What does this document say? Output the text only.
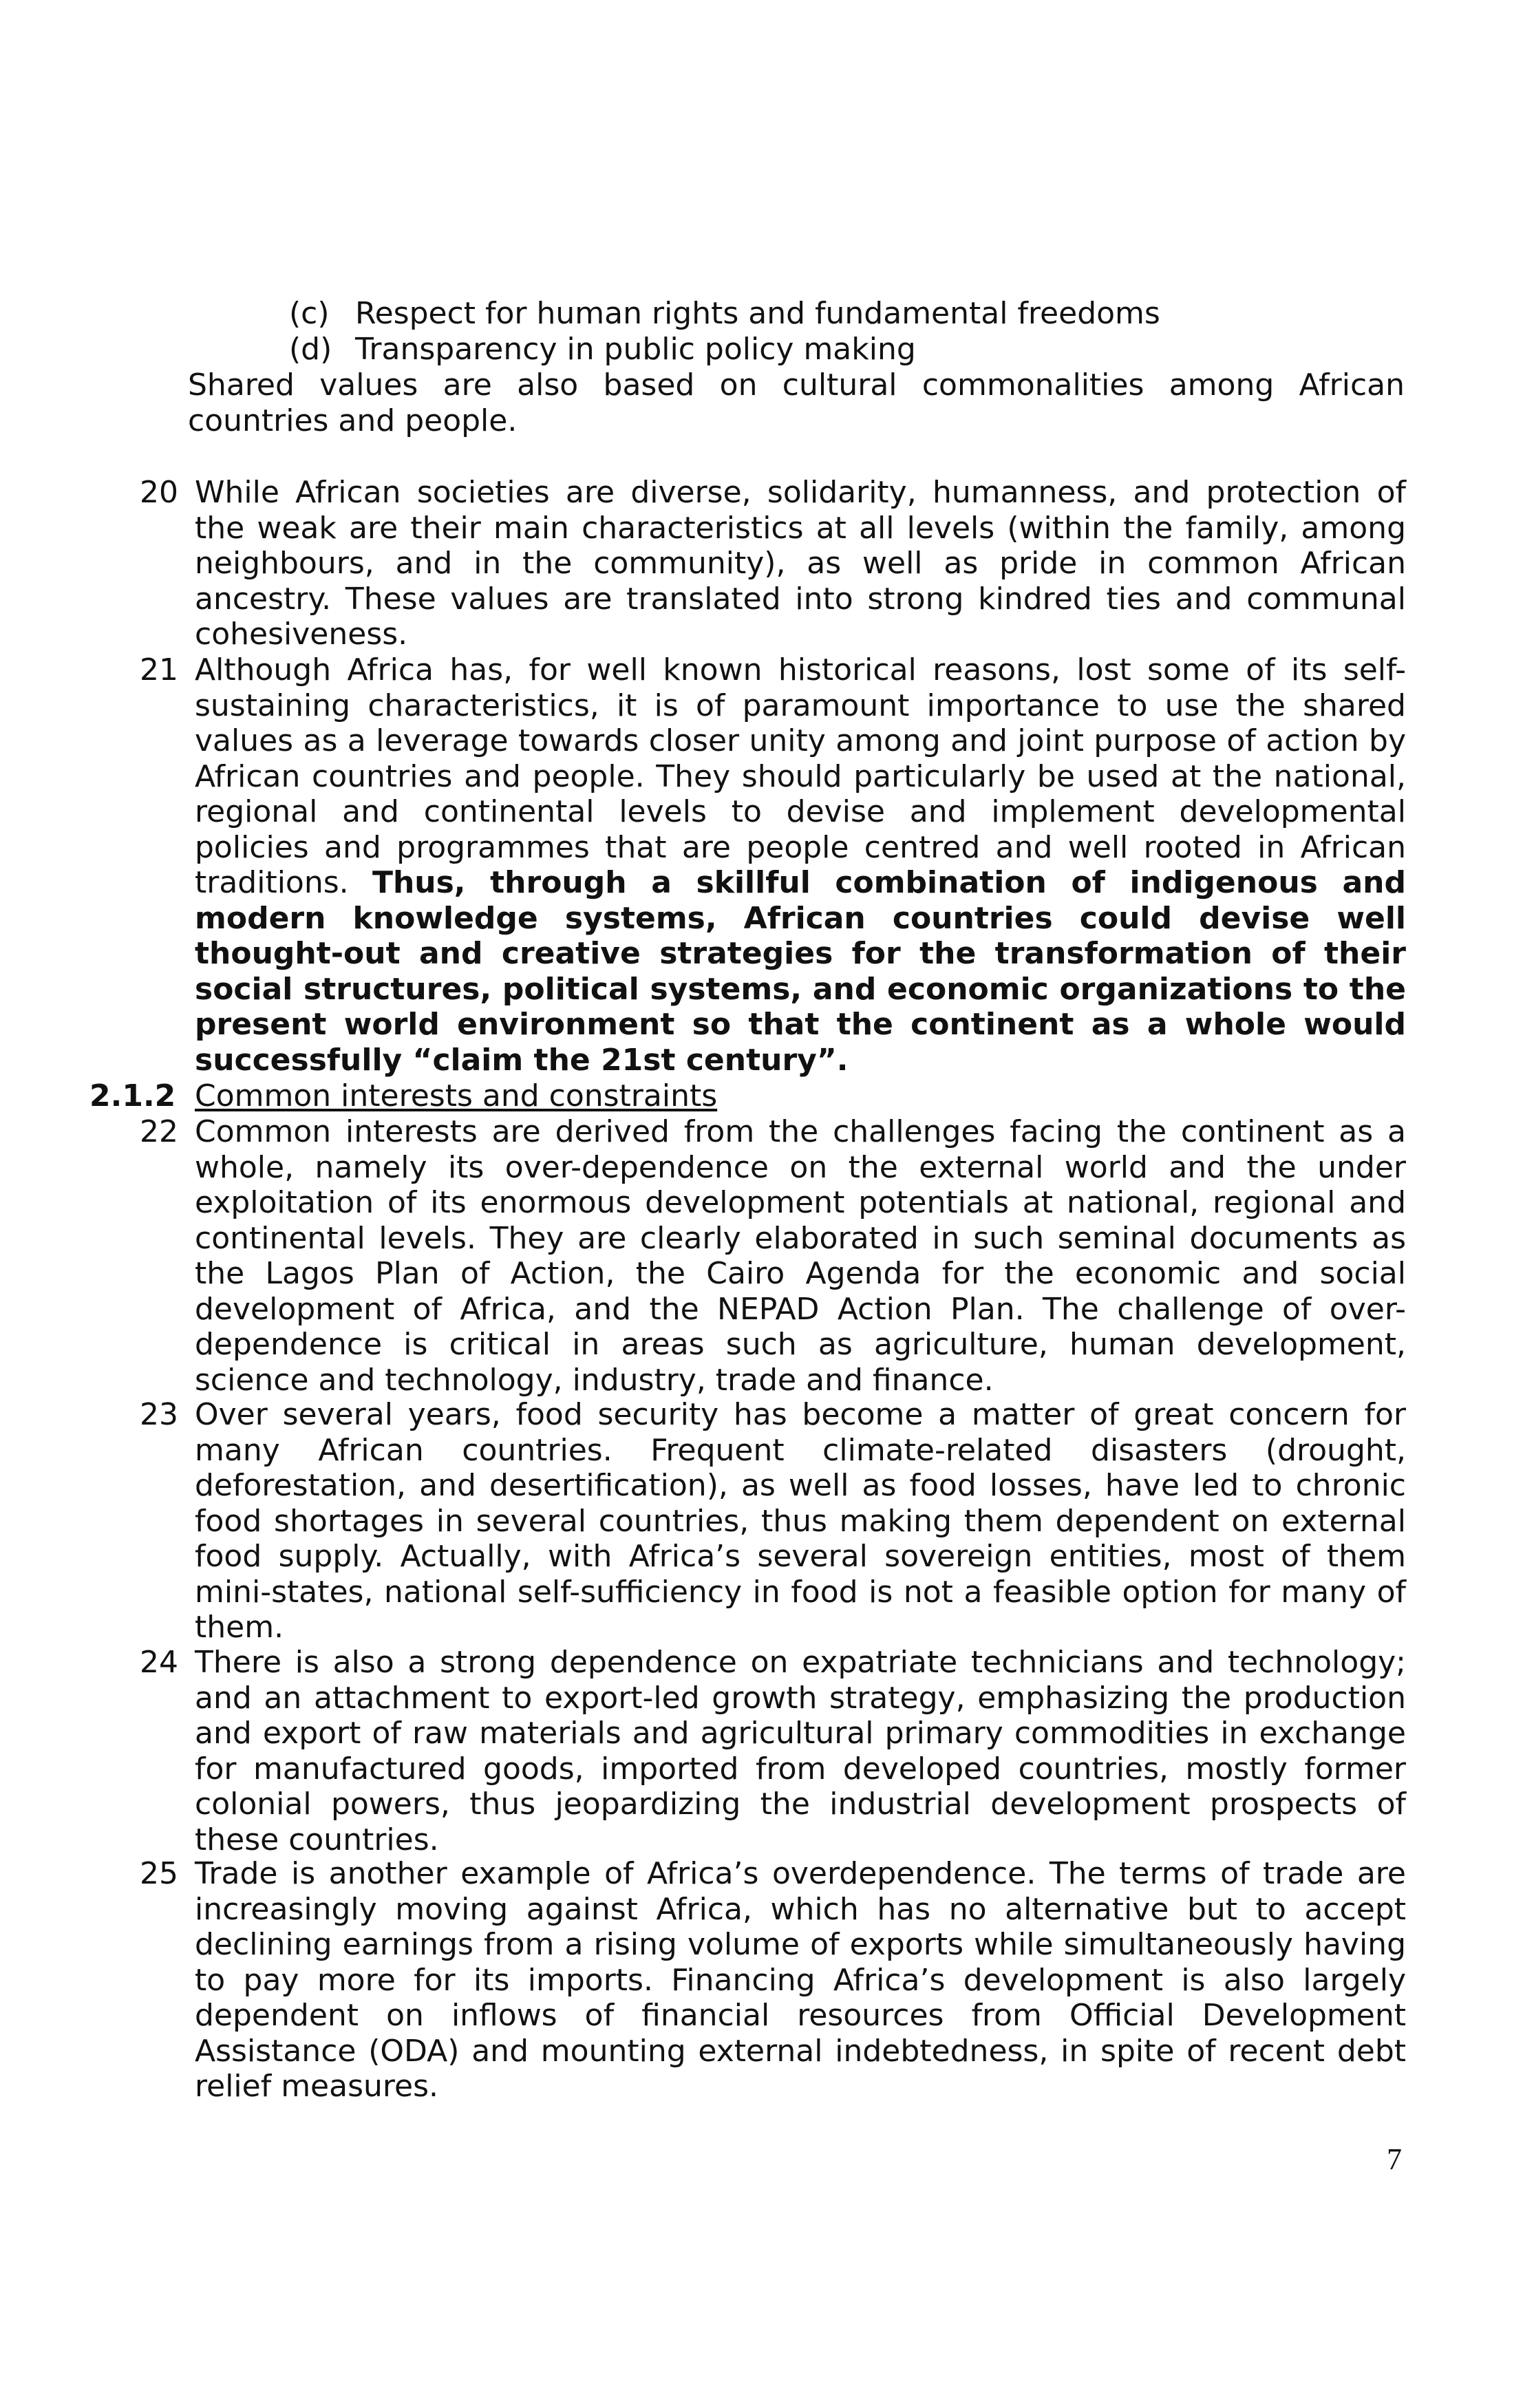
(c) Respect for human rights and fundamental freedoms
(d) Transparency in public policy making
Shared values are also based on cultural commonalities among African countries and people.
20 While African societies are diverse, solidarity, humanness, and protection of the weak are their main characteristics at all levels (within the family, among neighbours, and in the community), as well as pride in common African ancestry. These values are translated into strong kindred ties and communal cohesiveness.
21 Although Africa has, for well known historical reasons, lost some of its self-sustaining characteristics, it is of paramount importance to use the shared values as a leverage towards closer unity among and joint purpose of action by African countries and people. They should particularly be used at the national, regional and continental levels to devise and implement developmental policies and programmes that are people centred and well rooted in African traditions. Thus, through a skillful combination of indigenous and modern knowledge systems, African countries could devise well thought-out and creative strategies for the transformation of their social structures, political systems, and economic organizations to the present world environment so that the continent as a whole would successfully “claim the 21st century”.
2.1.2 Common interests and constraints
22 Common interests are derived from the challenges facing the continent as a whole, namely its over-dependence on the external world and the under exploitation of its enormous development potentials at national, regional and continental levels. They are clearly elaborated in such seminal documents as the Lagos Plan of Action, the Cairo Agenda for the economic and social development of Africa, and the NEPAD Action Plan. The challenge of over-dependence is critical in areas such as agriculture, human development, science and technology, industry, trade and finance.
23 Over several years, food security has become a matter of great concern for many African countries. Frequent climate-related disasters (drought, deforestation, and desertification), as well as food losses, have led to chronic food shortages in several countries, thus making them dependent on external food supply. Actually, with Africa’s several sovereign entities, most of them mini-states, national self-sufficiency in food is not a feasible option for many of them.
24 There is also a strong dependence on expatriate technicians and technology; and an attachment to export-led growth strategy, emphasizing the production and export of raw materials and agricultural primary commodities in exchange for manufactured goods, imported from developed countries, mostly former colonial powers, thus jeopardizing the industrial development prospects of these countries.
25 Trade is another example of Africa’s overdependence. The terms of trade are increasingly moving against Africa, which has no alternative but to accept declining earnings from a rising volume of exports while simultaneously having to pay more for its imports. Financing Africa’s development is also largely dependent on inflows of financial resources from Official Development Assistance (ODA) and mounting external indebtedness, in spite of recent debt relief measures.
7
